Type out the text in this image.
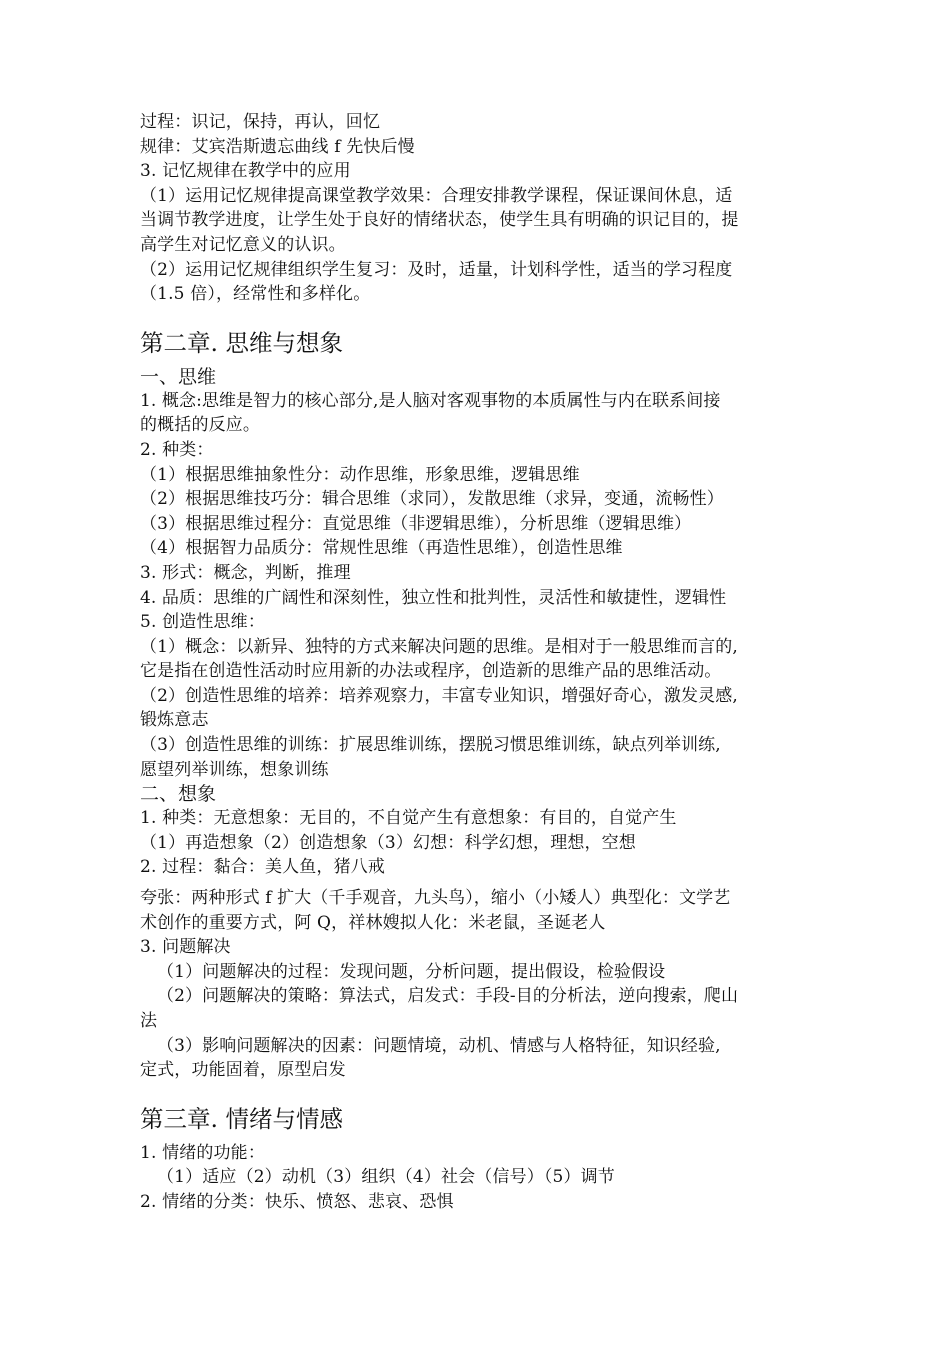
过程：识记，保持，再认，回忆
规律：艾宾浩斯遗忘曲线 f 先快后慢
3. 记忆规律在教学中的应用
（1）运用记忆规律提高课堂教学效果：合理安排教学课程，保证课间休息，适
当调节教学进度，让学生处于良好的情绪状态，使学生具有明确的识记目的，提
高学生对记忆意义的认识。
（2）运用记忆规律组织学生复习：及时，适量，计划科学性，适当的学习程度
（1.5 倍），经常性和多样化。
第二章. 思维与想象
一、思维
1. 概念:思维是智力的核心部分,是人脑对客观事物的本质属性与内在联系间接
的概括的反应。
2. 种类：
（1）根据思维抽象性分：动作思维，形象思维，逻辑思维
（2）根据思维技巧分：辑合思维（求同），发散思维（求异，变通，流畅性）
（3）根据思维过程分：直觉思维（非逻辑思维），分析思维（逻辑思维）
（4）根据智力品质分：常规性思维（再造性思维），创造性思维
3. 形式：概念，判断，推理
4. 品质：思维的广阔性和深刻性，独立性和批判性，灵活性和敏捷性，逻辑性
5. 创造性思维：
（1）概念：以新异、独特的方式来解决问题的思维。是相对于一般思维而言的,
它是指在创造性活动时应用新的办法或程序，创造新的思维产品的思维活动。
（2）创造性思维的培养：培养观察力，丰富专业知识，增强好奇心，激发灵感,
锻炼意志
（3）创造性思维的训练：扩展思维训练，摆脱习惯思维训练，缺点列举训练,
愿望列举训练，想象训练
二、想象
1. 种类：无意想象：无目的，不自觉产生有意想象：有目的，自觉产生
（1）再造想象（2）创造想象（3）幻想：科学幻想，理想，空想
2. 过程：黏合：美人鱼，猪八戒
夸张：两种形式 f 扩大（千手观音，九头鸟），缩小（小矮人）典型化：文学艺
术创作的重要方式，阿 Q，祥林嫂拟人化：米老鼠，圣诞老人
3. 问题解决
（1）问题解决的过程：发现问题，分析问题，提出假设，检验假设
（2）问题解决的策略：算法式，启发式：手段-目的分析法，逆向搜索，爬山
法
（3）影响问题解决的因素：问题情境，动机、情感与人格特征，知识经验,
定式，功能固着，原型启发
第三章. 情绪与情感
1. 情绪的功能：
（1）适应（2）动机（3）组织（4）社会（信号）（5）调节
2. 情绪的分类：快乐、愤怒、悲哀、恐惧
